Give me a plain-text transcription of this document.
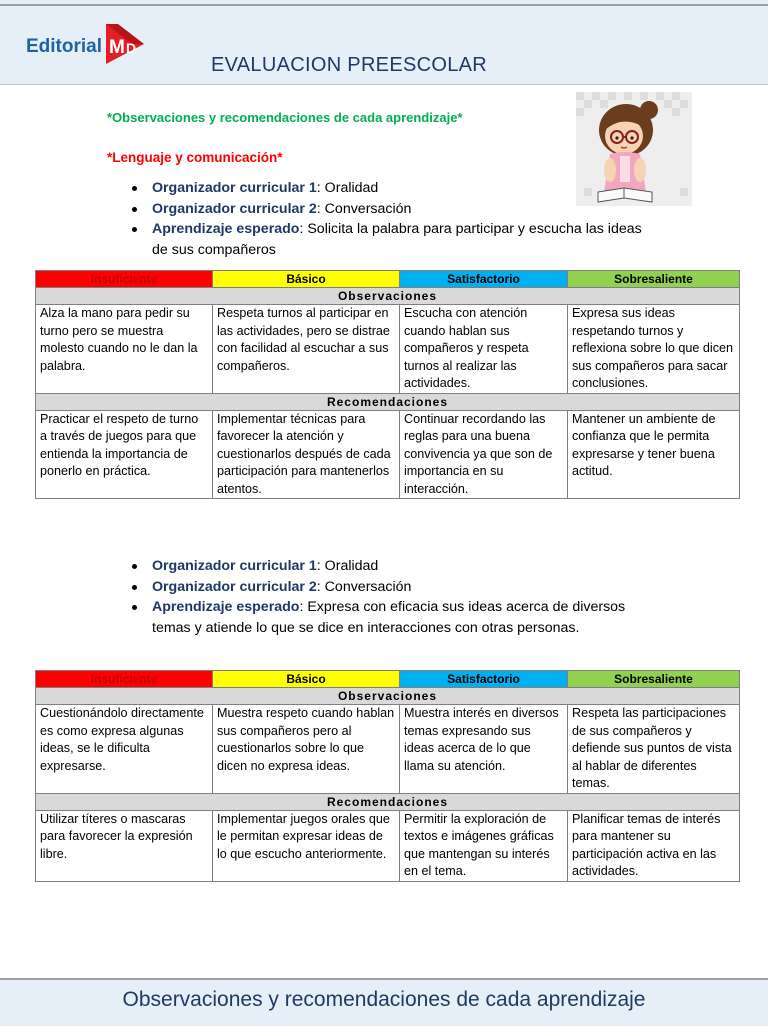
Editorial M D
EVALUACION PREESCOLAR
*Observaciones y recomendaciones de cada aprendizaje*
*Lenguaje y comunicación*
Organizador curricular 1: Oralidad
Organizador curricular 2: Conversación
Aprendizaje esperado: Solicita la palabra para participar y escucha las ideas de sus compañeros
Insuficiente	Básico	Satisfactorio	Sobresaliente
Observaciones			
Alza la mano para pedir su turno pero se muestra molesto cuando no le dan la palabra.	Respeta turnos al participar en las actividades, pero se distrae con facilidad al escuchar a sus compañeros.	Escucha con atención cuando hablan sus compañeros y respeta turnos al realizar las actividades.	Expresa sus ideas respetando turnos y reflexiona sobre lo que dicen sus compañeros para sacar conclusiones.
Recomendaciones			
Practicar el respeto de turno a través de juegos para que entienda la importancia de ponerlo en práctica.	Implementar técnicas para favorecer la atención y cuestionarlos después de cada participación para mantenerlos atentos.	Continuar recordando las reglas para una buena convivencia ya que son de importancia en su interacción.	Mantener un ambiente de confianza que le permita expresarse y tener buena actitud.
Organizador curricular 1: Oralidad
Organizador curricular 2: Conversación
Aprendizaje esperado: Expresa con eficacia sus ideas acerca de diversos temas y atiende lo que se dice en interacciones con otras personas.
Insuficiente	Básico	Satisfactorio	Sobresaliente
Observaciones			
Cuestionándolo directamente es como expresa algunas ideas, se le dificulta expresarse.	Muestra respeto cuando hablan sus compañeros pero al cuestionarlos sobre lo que dicen no expresa ideas.	Muestra interés en diversos temas expresando sus ideas acerca de lo que llama su atención.	Respeta las participaciones de sus compañeros y defiende sus puntos de vista al hablar de diferentes temas.
Recomendaciones			
Utilizar títeres o mascaras para favorecer la expresión libre.	Implementar juegos orales que le permitan expresar ideas de lo que escucho anteriormente.	Permitir la exploración de textos e imágenes gráficas que mantengan su interés en el tema.	Planificar temas de interés para mantener su participación activa en las actividades.
Observaciones y recomendaciones de cada aprendizaje
